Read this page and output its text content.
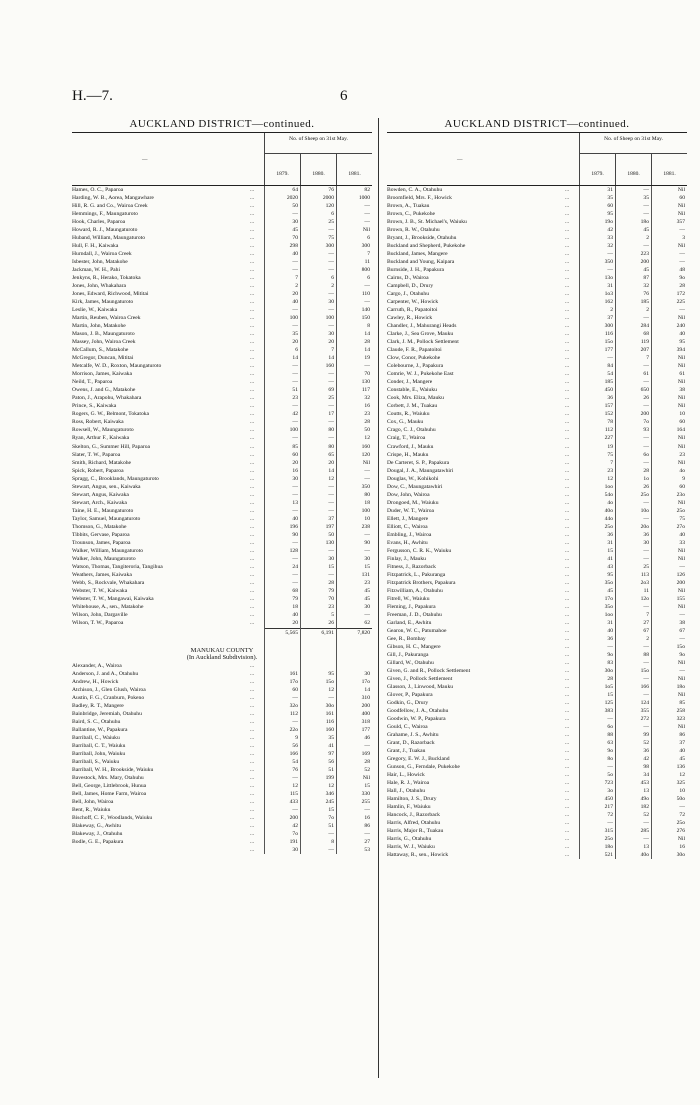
H.—7.	6
AUCKLAND DISTRICT—continued.
—
No. of Sheep on 31st May.
1879.	1880.	1881.
Hames, O. C., Paparoa	...	64	76	82
Harding, W. B., Aorea, Mangawhare	...	2020	2000	1000
Hill, R. G. and Co., Wairoa Creek	...	50	120	—
Hemmings, F., Maungaturoto	...	—	6	—
Hook, Charles, Paparoa	...	30	25	—
Howard, R. J., Maungaturoto	...	45	—	Nil
Huband, William, Maungaturoto	...	70	75	6
Hull, F. H., Kaiwaka	...	298	300	300
Hurndall, J., Wairoa Creek	...	40	—	7
Isbester, John, Matakohe	...	—	—	11
Jackman, W. H., Pahi	...	—	—	800
Jenkyns, R., Herako, Tokatoka	...	7	6	6
Jones, John, Whakahara	...	2	2	—
Jones, Edward, Richwood, Mititai	...	20	—	110
Kirk, James, Maungaturoto	...	40	30	—
Leslie, W., Kaiwaka	...	—	—	140
Martin, Reuben, Wairoa Creek	...	100	100	150
Martin, John, Matakohe	...	—	—	8
Mason, J. B., Maungaturoto	...	35	30	14
Massey, John, Wairoa Creek	...	20	20	28
McCallum, S., Matakohe	...	6	7	14
McGregor, Duncan, Mititai	...	14	14	19
Metcalfe, W. D., Roxton, Maungaturoto	...	—	160	—
Morrison, James, Kaiwaka	...	—	—	70
Neild, T., Paparoa	...	—	—	130
Owens, J. and G., Matakohe	...	51	69	117
Paton, J., Arapohu, Whakahara	...	23	25	32
Prince, S., Kaiwaka	...	—	—	16
Rogers, G. W., Belmont, Tokatoka	...	42	17	23
Ross, Robert, Kaiwaka	...	—	—	28
Rowsell, W., Maungaturoto	...	100	80	50
Ryan, Arthur F., Kaiwaka	...	—	—	12
Skelton, G., Summer Hill, Paparoa	...	85	80	160
Slater, T. W., Paparoa	...	60	65	120
Smith, Richard, Matakohe	...	20	20	Nil
Spick, Robert, Paparoa	...	16	14	—
Spragg, C., Brooklands, Maungaturoto	...	30	12	—
Stewart, Angus, sen., Kaiwaka	...	—	—	350
Stewart, Angus, Kaiwaka	...	—	—	80
Stewart, Arch., Kaiwaka	...	13	—	18
Taine, H. E., Maungaturoto	...	—	—	100
Taylor, Samuel, Maungaturoto	...	40	37	10
Thomson, G., Matakohe	...	196	197	238
Tibbits, Gervase, Paparoa	...	90	50	—
Trounson, James, Paparoa	...	—	130	90
Walker, William, Maungaturoto	...	128	—	—
Walker, John, Maungaturoto	...	—	30	30
Watson, Thomas, Tangiteroria, Tangihua	...	24	15	15
Weathers, James, Kaiwaka	...	—	—	131
Webb, S., Rockvale, Whakahara	...	—	28	23
Webster, T. W., Kaiwaka	...	68	79	45
Webster, T. W., Mangawai, Kaiwaka	...	79	70	45
Whitehouse, A., sen., Matakohe	...	18	23	30
Wilson, John, Dargaville	...	40	5	—
Wilson, T. W., Paparoa	...	20	26	62
5,565	6,191	7,820
MANUKAU COUNTY
(In Auckland Subdivision).
Alexander, A., Wairoa	...
Anderson, J. and A., Otahuhu	...	161	95	30
Andrew, H., Howick	...	17o	15o	17o
Atchison, J., Glen Glush, Wairoa	...	60	12	14
Austin, F. G., Cranburn, Pokeno	...	—	—	310
Badley, R. T., Mangere	...	32o	30o	200
Bainbridge, Jeremiah, Otahuhu	...	112	161	400
Baird, S. C., Otahuhu	...	—	116	318
Ballantine, W., Papakura	...	22o	160	177
Barriball, C., Waiuku	...	9	35	46
Barriball, C. T., Waiuku	...	56	41	—
Barriball, John, Waiuku	...	166	97	169
Barriball, S., Waiuku	...	54	56	28
Barriball, W. H., Brookside, Waiuku	...	76	51	52
Bavestock, Mrs. Mary, Otahuhu	...	—	199	Nil
Bell, George, Littlebrook, Hunua	...	12	12	15
Bell, James, Home Farm, Wairoa	...	115	346	330
Bell, John, Wairoa	...	433	245	255
Bent, R., Waiuku	...	—	15	—
Bischoff, C. F., Woodlands, Waiuku	...	200	7o	16
Blakeway, G., Awhitu	...	42	51	86
Blakeway, J., Otahuhu	...	7o	—	—
Bodle, G. E., Papakura	...	191	8	27
...	30	—	53
AUCKLAND DISTRICT—continued.
—
No. of Sheep on 31st May.
1879.	1880.	1881.
Bowden, C. A., Otahuhu	...	31	—	Nil
Broomfield, Mrs. F., Howick	...	35	35	60
Brown, A., Tuakau	...	60	—	Nil
Brown, C., Pukekohe	...	95	—	Nil
Brown, J. B., St. Michael's, Waiuku	...	19o	18o	357
Brown, R. W., Otahuhu	...	42	45	—
Bryant, J., Brookside, Otahuhu	...	33	2	3
Buckland and Shepherd, Pukekohe	...	32	—	Nil
Buckland, James, Mangere	...	—	223	—
Buckland and Young, Kaipara	...	350	200	—
Burnside, J. H., Papakura	...	—	45	48
Cairns, D., Wairoa	...	13o	87	9o
Campbell, D., Drury	...	31	32	28
Cargo, J., Otahuhu	...	1o3	76	172
Carpenter, W., Howick	...	162	185	225
Carruth, R., Papatoitoi	...	2	2	—
Cawley, R., Howick	...	37	—	Nil
Chandler, J., Mahurangi Heads	...	300	284	240
Clarke, J., Sea Grove, Mauku	...	116	68	40
Clark, J. M., Pollock Settlement	...	15o	119	95
Claude, F. R., Papatoitoi	...	177	207	394
Clow, Conor, Pukekohe	...	—	7	Nil
Colebourne, J., Papakura	...	84	—	Nil
Comrie, W. J., Pukekohe East	...	54	61	61
Conder, J., Mangere	...	185	—	Nil
Constable, E., Waiuku	...	450	650	38
Cook, Mrs. Eliza, Mauku	...	36	26	Nil
Corbett, J. M., Tuakau	...	157	—	Nil
Coutts, R., Waiuku	...	152	200	10
Cox, G., Mauku	...	78	7o	60
Crago, C. J., Otahuhu	...	112	93	164
Craig, T., Wairoa	...	227	—	Nil
Crawford, J., Mauku	...	19	—	Nil
Crispe, H., Mauku	...	75	6o	23
De Carteret, S. P., Papakura	...	7	—	Nil
Dougal, J. A., Maungatawhiri	...	23	28	4o
Douglas, W., Kohikohi	...	12	1o	9
Dow, C., Maungatawhiri	...	1oo	26	60
Dow, John, Wairoa	...	54o	25o	23o
Drongoed, M., Waiuku	...	4o	—	Nil
Duder, W. T., Wairoa	...	40o	10o	25o
Ellett, J., Mangere	...	44o	—	75
Elliott, C., Wairoa	...	25o	20o	27o
Embling, J., Wairoa	...	36	36	40
Evans, H., Awhitu	...	31	30	33
Fergusson, C. R. K., Waiuku	...	15	—	Nil
Finlay, J., Mauku	...	41	—	Nil
Fitness, J., Razorback	...	43	25	—
Fitzpatrick, L., Pakuranga	...	95	113	126
Fitzpatrick Brothers, Papakura	...	35o	2o3	200
Fitzwilliam, A., Otahuhu	...	45	11	Nil
Fitrell, W., Waiuku	...	17o	12o	155
Fleming, J., Papakura	...	35o	—	Nil
Freeman, J. D., Otahuhu	...	1oo	7	—
Garland, E., Awhitu	...	31	27	38
Gearon, W. C., Patumahoe	...	40	67	67
Gee, R., Bombay	...	36	2	—
Gibson, H. C., Mangere	...	—	—	15o
Gill, J., Pakuranga	...	9o	88	9o
Gillard, W., Otahuhu	...	83	—	Nil
Given, G. and R., Pollock Settlement	...	30o	15o	—
Given, J., Pollock Settlement	...	28	—	Nil
Glasson, J., Linwood, Mauku	...	1o5	166	18o
Glover, P., Papakura	...	15	—	Nil
Godkin, G., Drury	...	125	124	85
Goodfellow, J. A., Otahuhu	...	383	355	258
Goodwin, W. P., Papakura	...	—	272	323
Gould, C., Wairoa	...	6o	—	Nil
Grahame, J. S., Awhitu	...	88	99	86
Grant, D., Razorback	...	63	52	37
Grant, J., Tuakau	...	9o	36	40
Gregory, E. W. J., Buckland	...	8o	42	45
Gunson, G., Ferndale, Pukekohe	...	—	98	136
Hair, L., Howick	...	5o	34	12
Hale, R. J., Wairoa	...	723	453	325
Hall, J., Otahuhu	...	3o	13	10
Hamilton, J. S., Drury	...	450	49o	50o
Hamlin, F., Waiuku	...	217	182	—
Hancock, J., Razorback	...	72	52	72
Harris, Alfred, Otahuhu	...	—	—	25o
Harris, Major R., Tuakau	...	315	285	276
Harris, G., Otahuhu	...	25o	—	Nil
Harris, W. J., Waiuku	...	18o	13	16
Hattaway, R., sen., Howick	...	521	40o	30o
